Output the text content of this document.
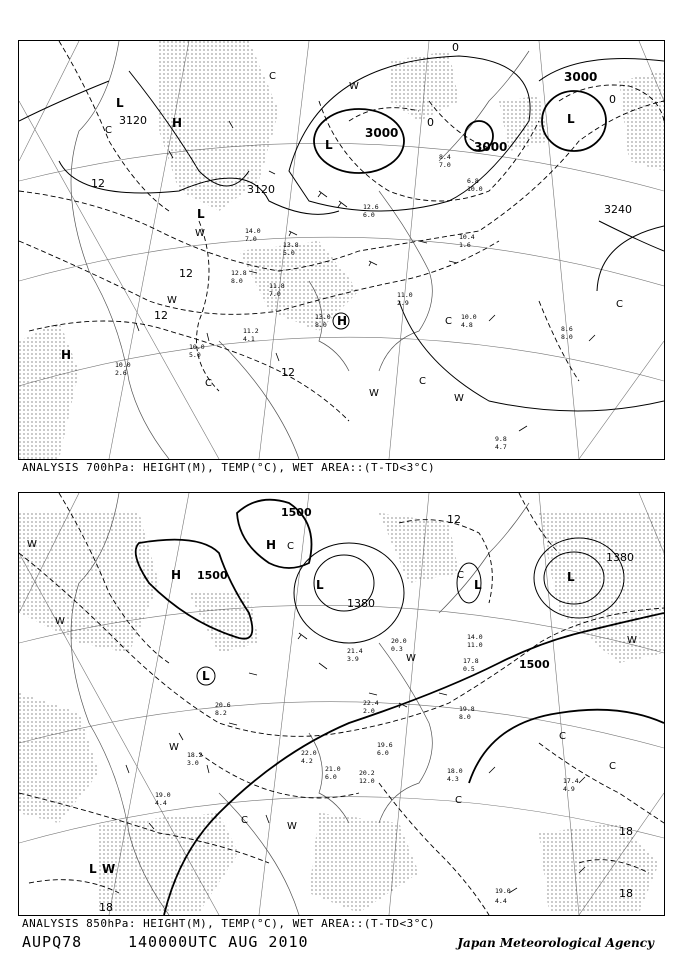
3120
3120
3000
3000
3000
3240
12
12
12
12
0
0
0
L
H
L
L
L
H
H
C
C
C
C
C
C
W
W
W
W	W
10.0
4.8	8.6
8.0
9.8
4.7
11.2
4.1
13.0
8.0
11.8
7.0
12.8
8.0
10.0
5.0
8.4
7.0
6.8
10.0
11.0
2.9
10.4
1.6
14.0
7.0
13.8
5.0
12.6
6.0
10.0
2.6
ANALYSIS 700hPa: HEIGHT(M), TEMP(°C), WET AREA::(T-TD<3°C)
1500
1500
1500
1380
1380
18
18
18
12
H
H
L	L
L
L
L
C
C
C
C
C
C
W
W
W
W
W
W
W
18.0
4.3	17.4
4.9
19.0
4.4
19.0
4.4
20.2
12.0
21.0
6.0
19.6
6.0
20.6
8.2
22.0
4.2
19.8
8.0
17.8
0.5
14.0
11.0
21.4
3.9
20.0
0.3
22.4
2.0
18.2
3.0
ANALYSIS 850hPa: HEIGHT(M), TEMP(°C), WET AREA::(T-TD<3°C)
AUPQ78	140000UTC AUG 2010	Japan Meteorological Agency
